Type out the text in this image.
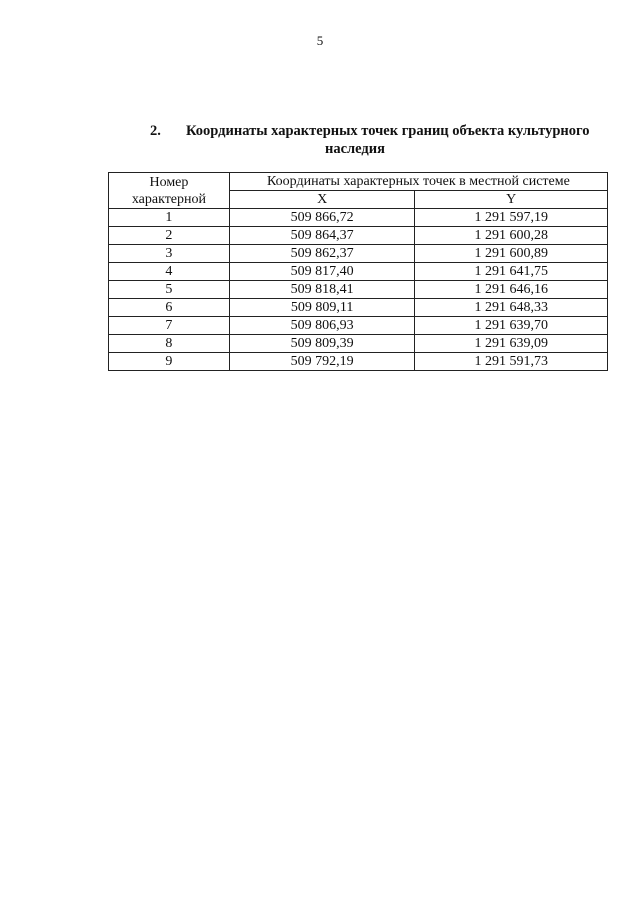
5
2. Координаты характерных точек границ объекта культурного
наследия
Номер
характерной	Координаты характерных точек в местной системе	
	X	Y
1	509 866,72	1 291 597,19
2	509 864,37	1 291 600,28
3	509 862,37	1 291 600,89
4	509 817,40	1 291 641,75
5	509 818,41	1 291 646,16
6	509 809,11	1 291 648,33
7	509 806,93	1 291 639,70
8	509 809,39	1 291 639,09
9	509 792,19	1 291 591,73
